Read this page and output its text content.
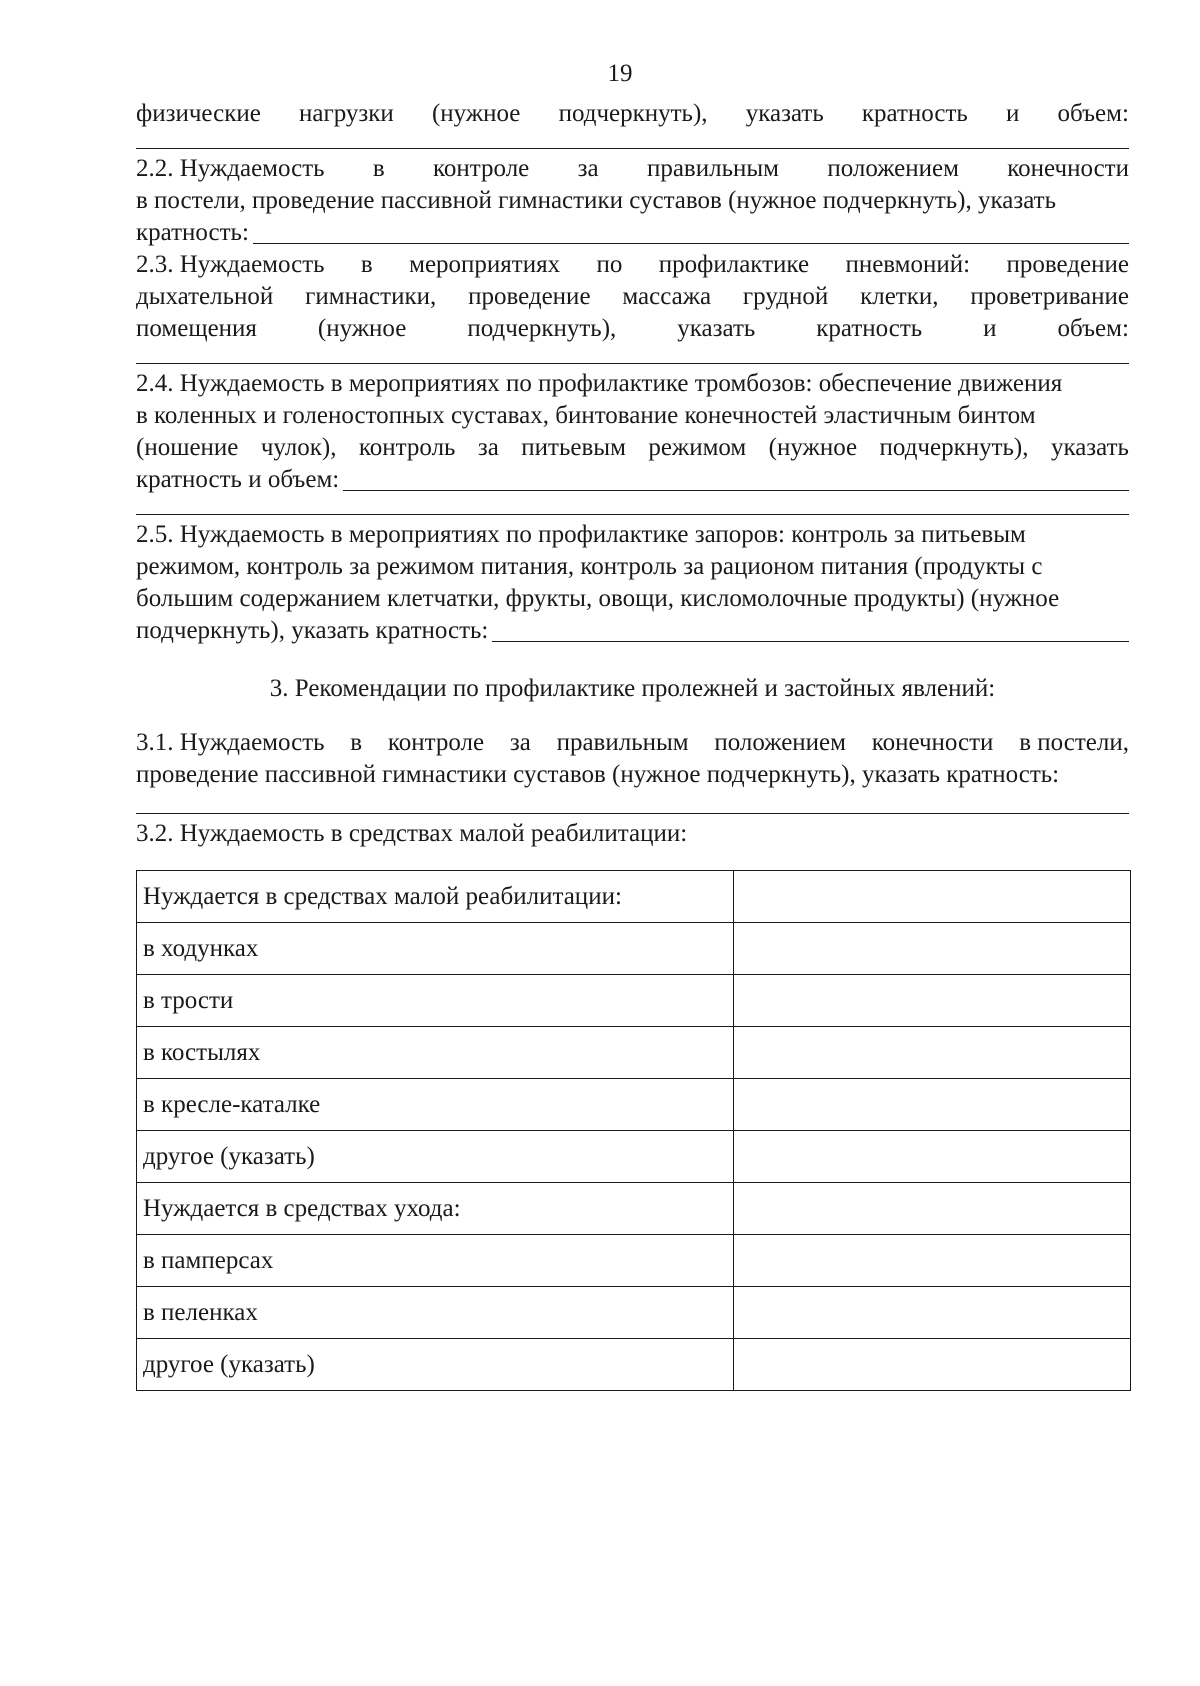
19
физические нагрузки (нужное подчеркнуть), указать кратность и объем:
2.2. Нуждаемость в контроле за правильным положением конечности
в постели, проведение пассивной гимнастики суставов (нужное подчеркнуть), указать
кратность:
2.3. Нуждаемость в мероприятиях по профилактике пневмоний: проведение
дыхательной гимнастики, проведение массажа грудной клетки, проветривание
помещения (нужное подчеркнуть), указать кратность и объем:
2.4. Нуждаемость в мероприятиях по профилактике тромбозов: обеспечение движения
в коленных и голеностопных суставах, бинтование конечностей эластичным бинтом
(ношение чулок), контроль за питьевым режимом (нужное подчеркнуть), указать
кратность и объем:
2.5. Нуждаемость в мероприятиях по профилактике запоров: контроль за питьевым
режимом, контроль за режимом питания, контроль за рационом питания (продукты с
большим содержанием клетчатки, фрукты, овощи, кисломолочные продукты) (нужное
подчеркнуть), указать кратность:
3. Рекомендации по профилактике пролежней и застойных явлений:
3.1. Нуждаемость в контроле за правильным положением конечности в постели,
проведение пассивной гимнастики суставов (нужное подчеркнуть), указать кратность:
3.2. Нуждаемость в средствах малой реабилитации:
Нуждается в средствах малой реабилитации:	
в ходунках	
в трости	
в костылях	
в кресле-каталке	
другое (указать)	
Нуждается в средствах ухода:	
в памперсах	
в пеленках	
другое (указать)	
